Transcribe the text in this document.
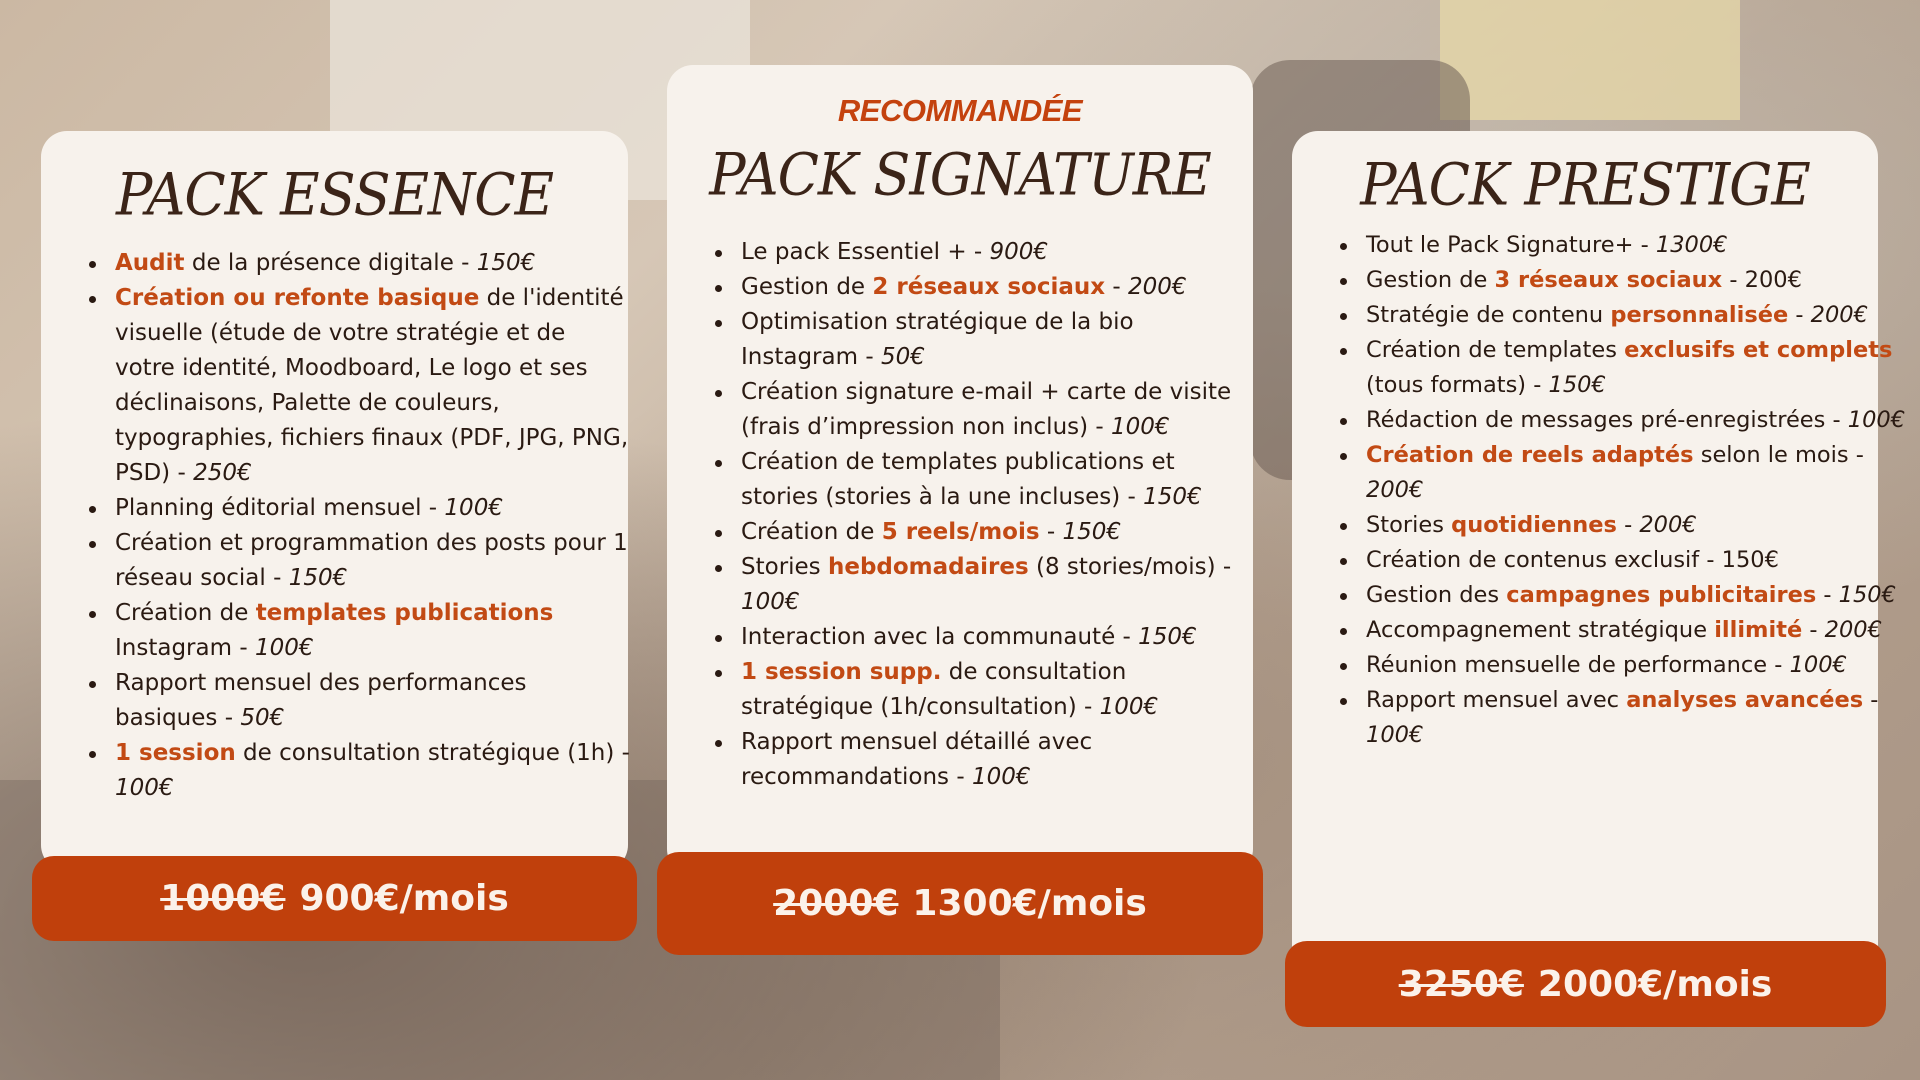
PACK ESSENCE
Audit de la présence digitale - 150€
Création ou refonte basique de l'identité visuelle (étude de votre stratégie et de votre identité, Moodboard, Le logo et ses déclinaisons, Palette de couleurs, typographies, fichiers finaux (PDF, JPG, PNG, PSD) - 250€
Planning éditorial mensuel - 100€
Création et programmation des posts pour 1 réseau social - 150€
Création de templates publications Instagram - 100€
Rapport mensuel des performances basiques - 50€
1 session de consultation stratégique (1h) - 100€
RECOMMANDÉE
PACK SIGNATURE
Le pack Essentiel + - 900€
Gestion de 2 réseaux sociaux - 200€
Optimisation stratégique de la bio Instagram - 50€
Création signature e-mail + carte de visite (frais d’impression non inclus) - 100€
Création de templates publications et stories (stories à la une incluses) - 150€
Création de 5 reels/mois - 150€
Stories hebdomadaires (8 stories/mois) - 100€
Interaction avec la communauté - 150€
1 session supp. de consultation stratégique (1h/consultation) - 100€
Rapport mensuel détaillé avec recommandations - 100€
PACK PRESTIGE
Tout le Pack Signature+ - 1300€
Gestion de 3 réseaux sociaux - 200€
Stratégie de contenu personnalisée - 200€
Création de templates exclusifs et complets (tous formats) - 150€
Rédaction de messages pré-enregistrées - 100€
Création de reels adaptés selon le mois - 200€
Stories quotidiennes - 200€
Création de contenus exclusif - 150€
Gestion des campagnes publicitaires - 150€
Accompagnement stratégique illimité - 200€
Réunion mensuelle de performance - 100€
Rapport mensuel avec analyses avancées - 100€
1000€ 900€/mois	2000€ 1300€/mois
3250€ 2000€/mois
